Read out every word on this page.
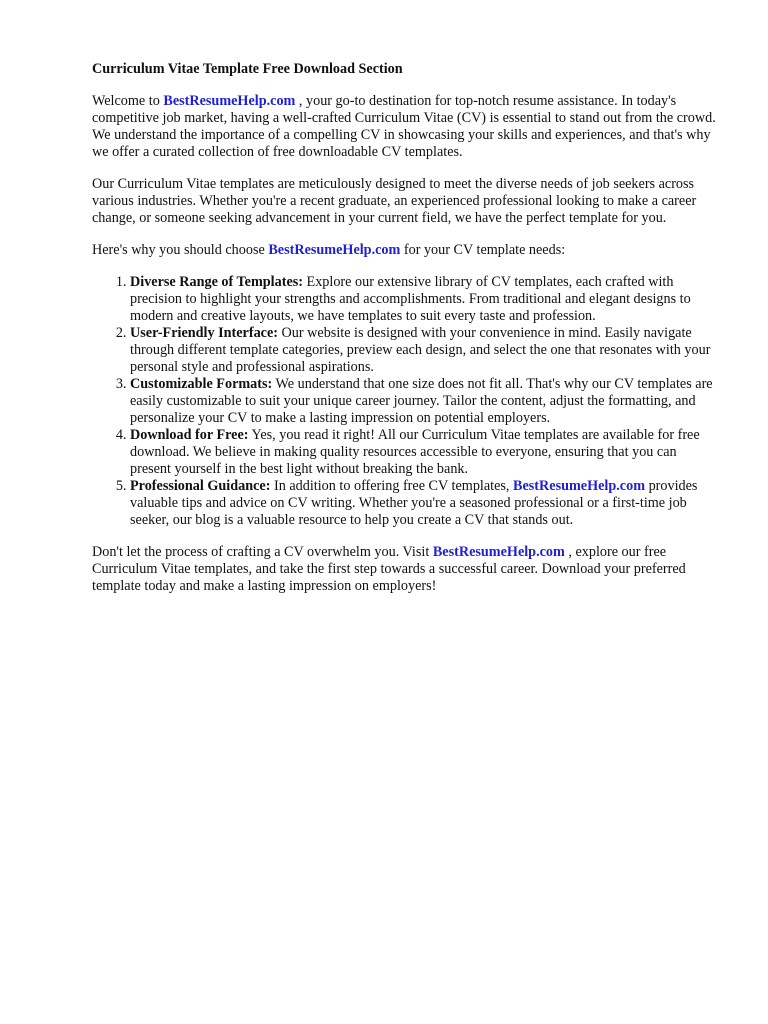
Curriculum Vitae Template Free Download Section

Welcome to BestResumeHelp.com , your go-to destination for top-notch resume assistance. In today's competitive job market, having a well-crafted Curriculum Vitae (CV) is essential to stand out from the crowd. We understand the importance of a compelling CV in showcasing your skills and experiences, and that's why we offer a curated collection of free downloadable CV templates.

Our Curriculum Vitae templates are meticulously designed to meet the diverse needs of job seekers across various industries. Whether you're a recent graduate, an experienced professional looking to make a career change, or someone seeking advancement in your current field, we have the perfect template for you.

Here's why you should choose BestResumeHelp.com for your CV template needs:

1. Diverse Range of Templates: Explore our extensive library of CV templates, each crafted with precision to highlight your strengths and accomplishments. From traditional and elegant designs to modern and creative layouts, we have templates to suit every taste and profession.
2. User-Friendly Interface: Our website is designed with your convenience in mind. Easily navigate through different template categories, preview each design, and select the one that resonates with your personal style and professional aspirations.
3. Customizable Formats: We understand that one size does not fit all. That's why our CV templates are easily customizable to suit your unique career journey. Tailor the content, adjust the formatting, and personalize your CV to make a lasting impression on potential employers.
4. Download for Free: Yes, you read it right! All our Curriculum Vitae templates are available for free download. We believe in making quality resources accessible to everyone, ensuring that you can present yourself in the best light without breaking the bank.
5. Professional Guidance: In addition to offering free CV templates, BestResumeHelp.com provides valuable tips and advice on CV writing. Whether you're a seasoned professional or a first-time job seeker, our blog is a valuable resource to help you create a CV that stands out.

Don't let the process of crafting a CV overwhelm you. Visit BestResumeHelp.com , explore our free Curriculum Vitae templates, and take the first step towards a successful career. Download your preferred template today and make a lasting impression on employers!
